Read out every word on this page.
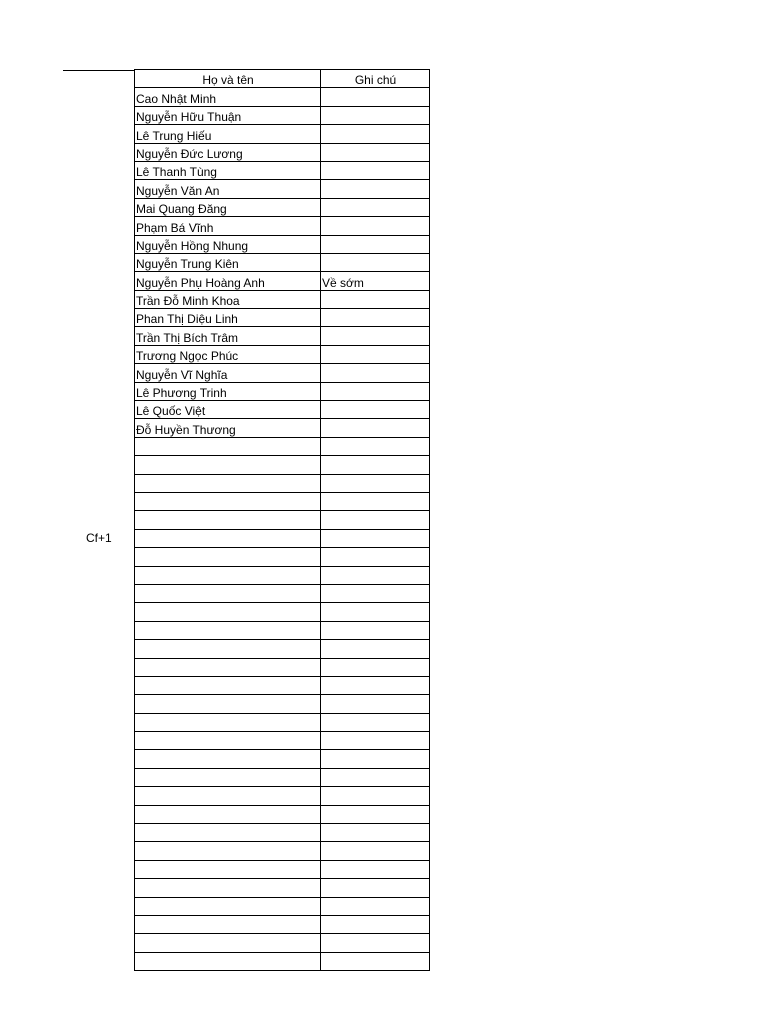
Cf+1
Họ và tên	Ghi chú
Cao Nhật Minh	
Nguyễn Hữu Thuận	
Lê Trung Hiếu	
Nguyễn Đức Lương	
Lê Thanh Tùng	
Nguyễn Văn An	
Mai Quang Đăng	
Phạm Bá Vĩnh	
Nguyễn Hồng Nhung	
Nguyễn Trung Kiên	
Nguyễn Phụ Hoàng Anh	Về sớm
Trần Đỗ Minh Khoa	
Phan Thị Diệu Linh	
Trần Thị Bích Trâm	
Trương Ngọc Phúc	
Nguyễn Vĩ Nghĩa	
Lê Phương Trinh	
Lê Quốc Việt	
Đỗ Huyền Thương	
